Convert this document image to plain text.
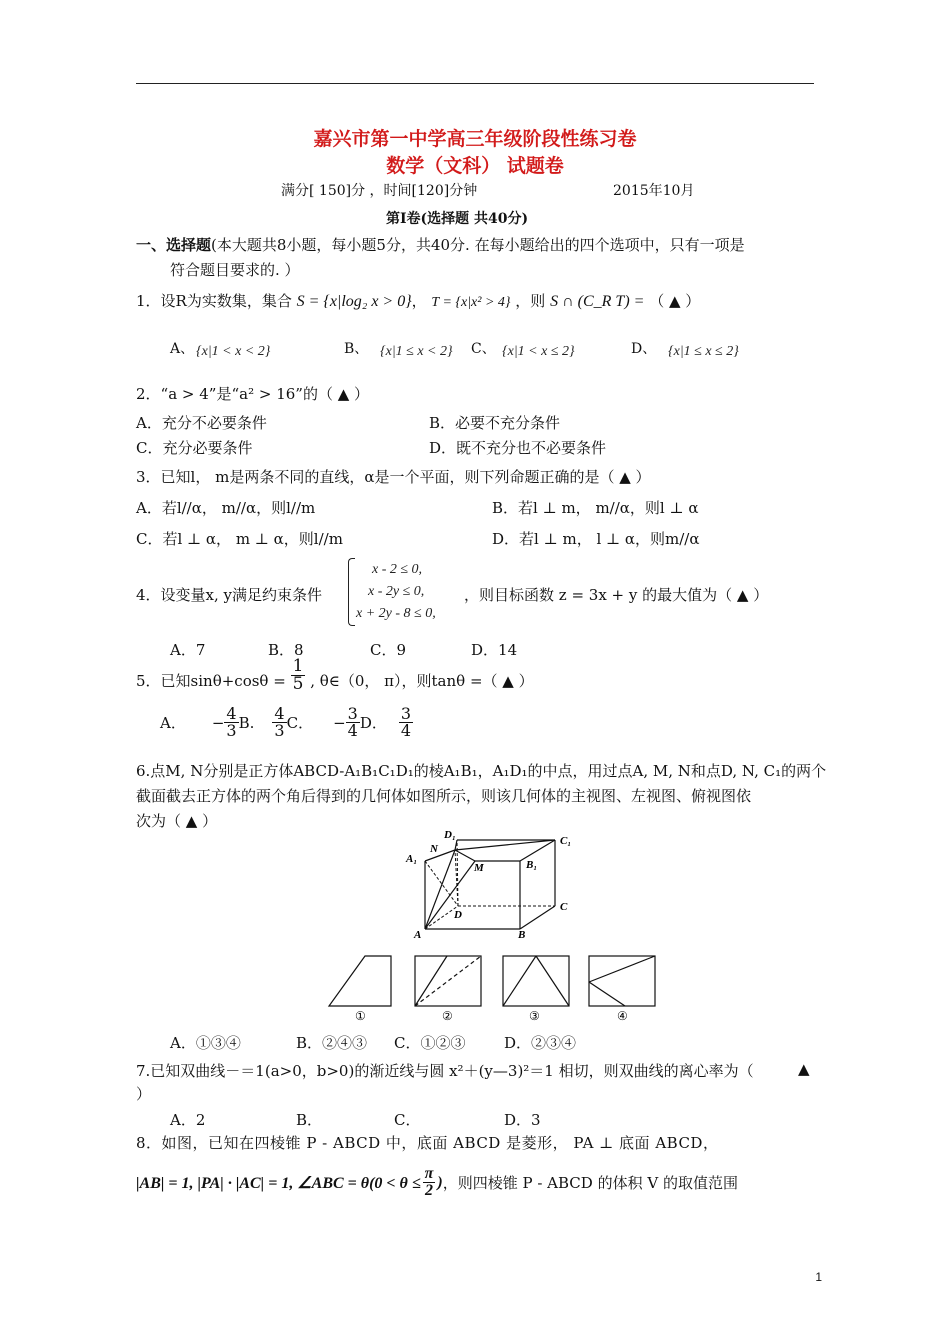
嘉兴市第一中学高三年级阶段性练习卷
数学（文科） 试题卷
满分[ 150]分 ，时间[120]分钟	2015年10月
第Ⅰ卷(选择题 共40分)
一、选择题(本大题共8小题，每小题5分，共40分. 在每小题给出的四个选项中，只有一项是
符合题目要求的. ）
1．设R为实数集，集合 S = {x|log₂ x > 0}， T = {x|x² > 4} ，则 S ∩ (C_R T) = （ ▲ ）
A、 {x|1 < x < 2}	B、 {x|1 ≤ x < 2} C、 {x|1 < x ≤ 2}	D、 {x|1 ≤ x ≤ 2}
2．“a > 4”是“a² > 16”的（ ▲ ）
A．充分不必要条件	B．必要不充分条件
C．充分必要条件	D．既不充分也不必要条件
3．已知l， m是两条不同的直线，α是一个平面，则下列命题正确的是（ ▲ ）
A．若l//α， m//α，则l//m	B．若l ⊥ m， m//α，则l ⊥ α
C．若l ⊥ α， m ⊥ α，则l//m	D．若l ⊥ m， l ⊥ α，则m//α
4．设变量x, y满足约束条件
x - 2 ≤ 0,
x - 2y ≤ 0,
x + 2y - 8 ≤ 0,
，则目标函数 z = 3x + y 的最大值为（ ▲ ）
A．7	B．8	C．9	D．14
5．已知$\sin\theta+\cos\theta = \frac{1}{5}$ , θ∈（0， π），则tanθ =（ ▲ ）
A． − $\frac{4}{3} B$. $\frac{4}{3}$ C． − $\frac{3}{4}$ D． $\frac{3}{4}$
6.点M, N分别是正方体ABCD-A₁B₁C₁D₁的棱A₁B₁，A₁D₁的中点，用过点A, M, N和点D, N, C₁的两个
截面截去正方体的两个角后得到的几何体如图所示，则该几何体的主视图、左视图、俯视图依
次为（ ▲ ）
D₁	C₁
A₁
N
M	B₁
D
C
A	B
①	②	③	④
A．①③④	B．②④③ C．①②③	D．②③④
7.已知双曲线－＝1(a>0，b>0)的渐近线与圆 x²＋(y—3)²＝1 相切，则双曲线的离心率为（	▲
）
A．2	B．	C．	D．3
8．如图，已知在四棱锥 P - ABCD 中，底面 ABCD 是菱形， PA ⊥ 底面 ABCD，
|AB| = 1, |PA| · |AC| = 1, ∠ABC = $\theta(0 < \theta \le \frac{\pi}{2}$ ) ，则四棱锥 P - ABCD 的体积 V 的取值范围
1
